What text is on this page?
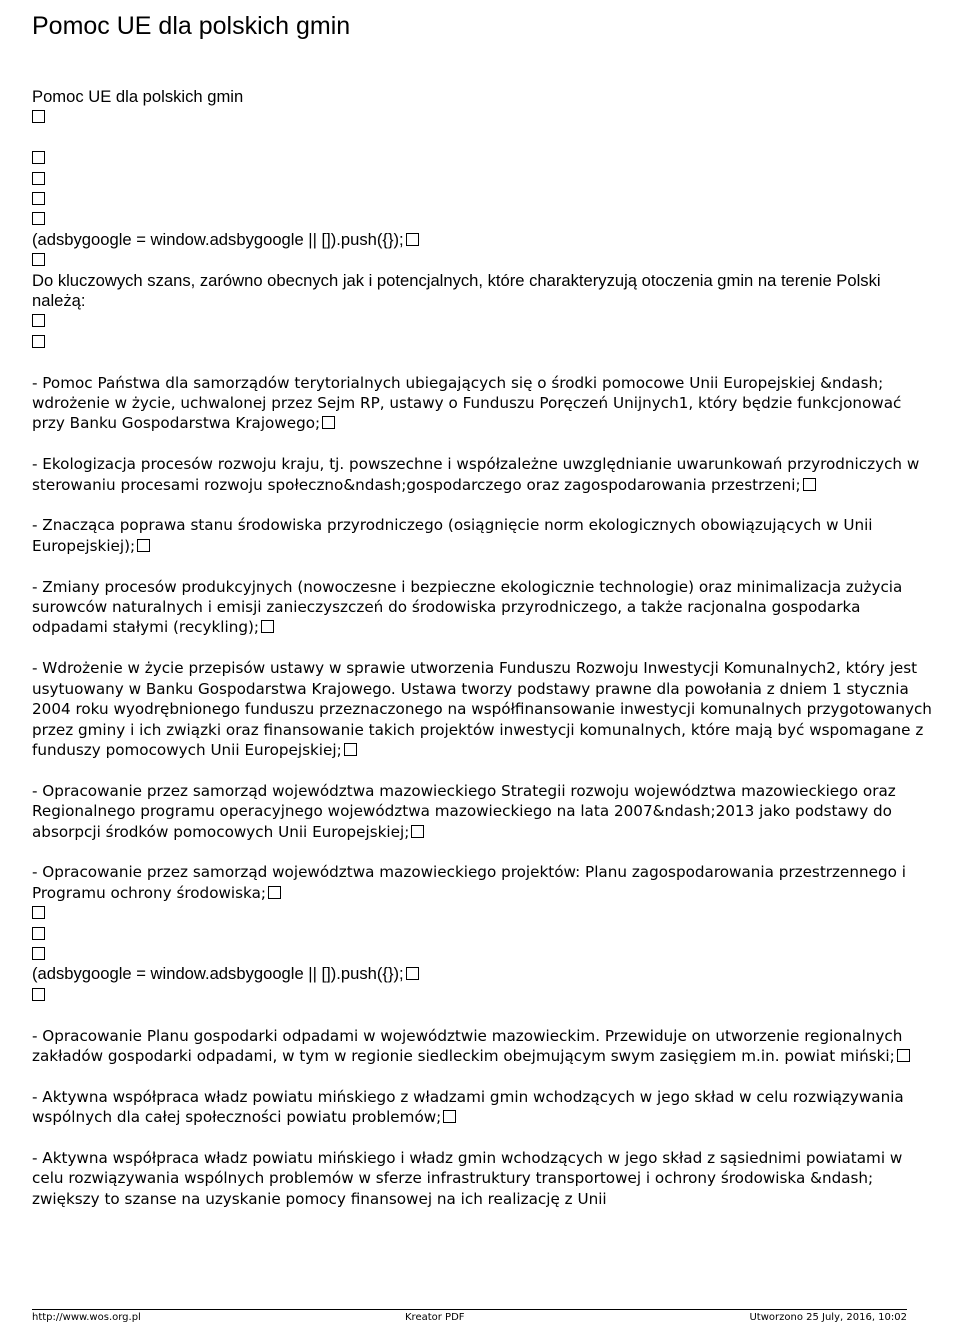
Pomoc UE dla polskich gmin
Pomoc UE dla polskich gmin
(adsbygoogle = window.adsbygoogle || []).push({});
Do kluczowych szans, zarówno obecnych jak i potencjalnych, które charakteryzują otoczenia gmin na terenie Polski należą:
- Pomoc Państwa dla samorządów terytorialnych ubiegających się o środki pomocowe Unii Europejskiej &ndash; wdrożenie w życie, uchwalonej przez Sejm RP, ustawy o Funduszu Poręczeń Unijnych1, który będzie funkcjonować przy Banku Gospodarstwa Krajowego;
- Ekologizacja procesów rozwoju kraju, tj. powszechne i współzależne uwzględnianie uwarunkowań przyrodniczych w sterowaniu procesami rozwoju społeczno&ndash;gospodarczego oraz zagospodarowania przestrzeni;
- Znacząca poprawa stanu środowiska przyrodniczego (osiągnięcie norm ekologicznych obowiązujących w Unii Europejskiej);
- Zmiany procesów produkcyjnych (nowoczesne i bezpieczne ekologicznie technologie) oraz minimalizacja zużycia surowców naturalnych i emisji zanieczyszczeń do środowiska przyrodniczego, a także racjonalna gospodarka odpadami stałymi (recykling);
- Wdrożenie w życie przepisów ustawy w sprawie utworzenia Funduszu Rozwoju Inwestycji Komunalnych2, który jest usytuowany w Banku Gospodarstwa Krajowego. Ustawa tworzy podstawy prawne dla powołania z dniem 1 stycznia 2004 roku wyodrębnionego funduszu przeznaczonego na współfinansowanie inwestycji komunalnych przygotowanych przez gminy i ich związki oraz finansowanie takich projektów inwestycji komunalnych, które mają być wspomagane z funduszy pomocowych Unii Europejskiej;
- Opracowanie przez samorząd województwa mazowieckiego Strategii rozwoju województwa mazowieckiego oraz Regionalnego programu operacyjnego województwa mazowieckiego na lata 2007&ndash;2013 jako podstawy do absorpcji środków pomocowych Unii Europejskiej;
- Opracowanie przez samorząd województwa mazowieckiego projektów: Planu zagospodarowania przestrzennego i Programu ochrony środowiska;
(adsbygoogle = window.adsbygoogle || []).push({});
- Opracowanie Planu gospodarki odpadami w województwie mazowieckim. Przewiduje on utworzenie regionalnych zakładów gospodarki odpadami, w tym w regionie siedleckim obejmującym swym zasięgiem m.in. powiat miński;
- Aktywna współpraca władz powiatu mińskiego z władzami gmin wchodzących w jego skład w celu rozwiązywania wspólnych dla całej społeczności powiatu problemów;
- Aktywna współpraca władz powiatu mińskiego i władz gmin wchodzących w jego skład z sąsiednimi powiatami w celu rozwiązywania wspólnych problemów w sferze infrastruktury transportowej i ochrony środowiska &ndash; zwiększy to szanse na uzyskanie pomocy finansowej na ich realizację z Unii
http://www.wos.org.pl	Kreator PDF	Utworzono 25 July, 2016, 10:02
